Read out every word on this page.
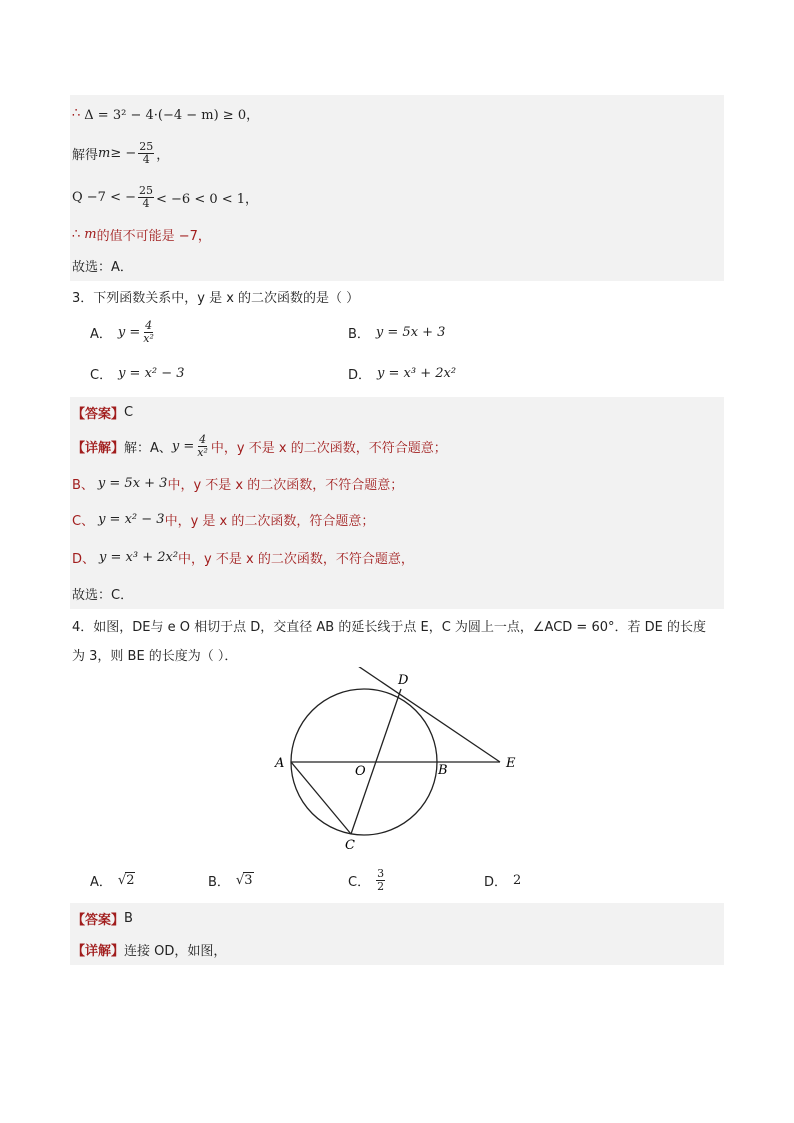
∴ Δ = 3² − 4·(−4 − m) ≥ 0，
解得 m ≥ − $\frac{25}{4}$ ，
Q −7 < − $\frac{25}{4} < -6 < 0 < 1$，
∴ m 的值不可能是 −7，
故选：A．
3．下列函数关系中，y 是 x 的二次函数的是（ ）
A． $y = \frac{4}{\text{x²}}$	B． y = 5x + 3
C． y = x² − 3	D． y = x³ + 2x²
【答案】 C
【详解】 解：A、 $y = \frac{4}{\text{x²}}$ 中，y 不是 x 的二次函数，不符合题意；
B、 y = 5x + 3 中，y 不是 x 的二次函数，不符合题意；
C、 y = x² − 3 中，y 是 x 的二次函数，符合题意；
D、 y = x³ + 2x² 中，y 不是 x 的二次函数，不符合题意，
故选：C．
4．如图，DE与 e O 相切于点 D，交直径 AB 的延长线于点 E，C 为圆上一点，∠ACD = 60°．若 DE 的长度
为 3，则 BE 的长度为（ ）．
A	B
C
D
E
O
A． √ 2	B． √ 3	C． $\frac{3}{2}$	D． 2
【答案】 B
【详解】 连接 OD，如图，
